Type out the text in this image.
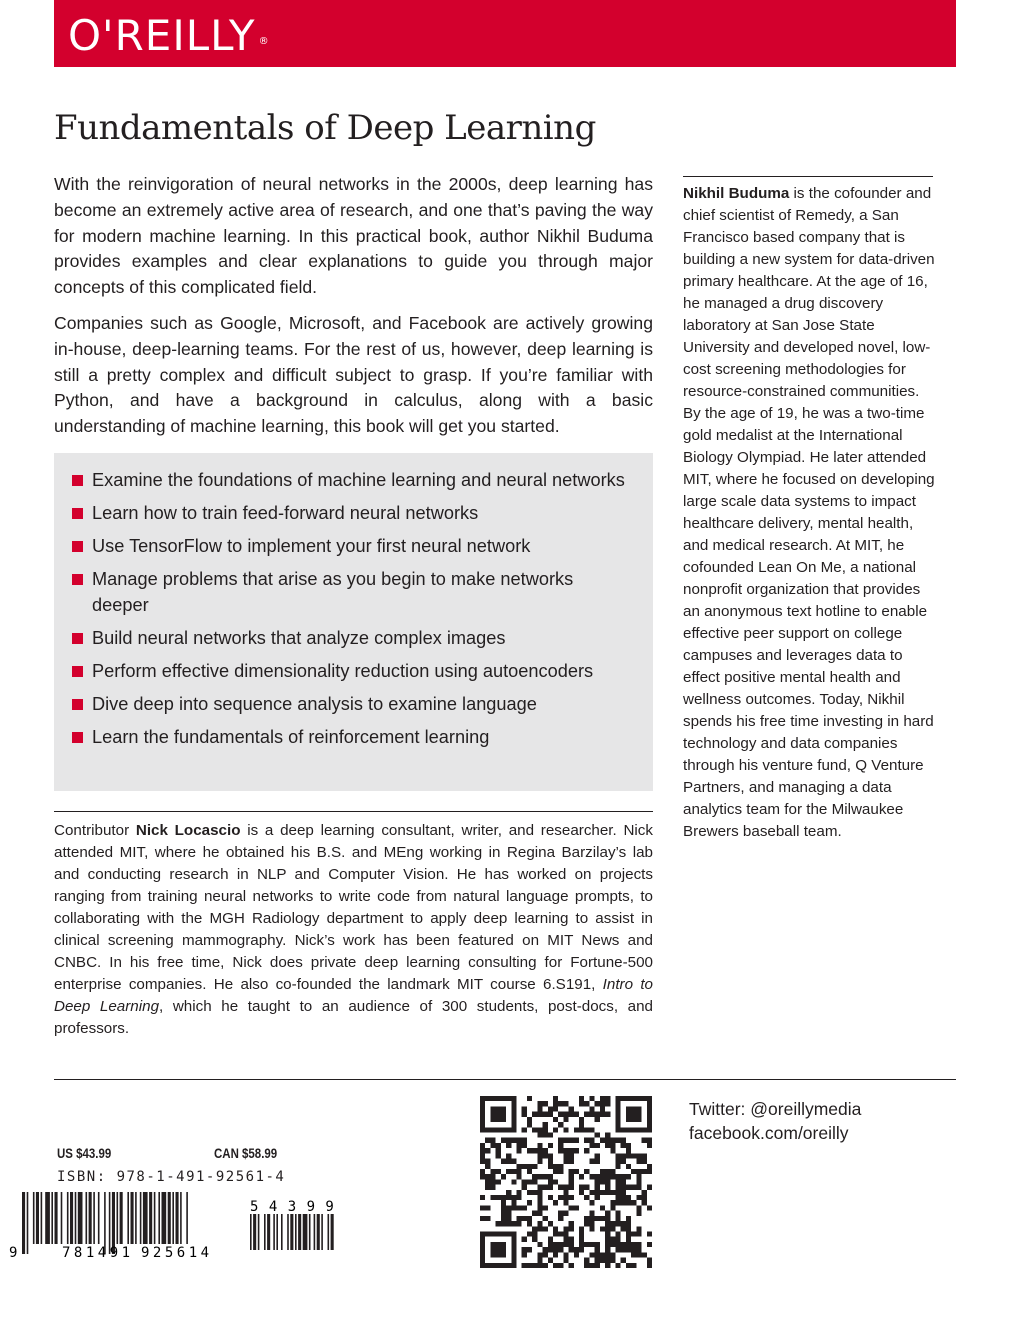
O'REILLY ®
Fundamentals of Deep Learning

With the reinvigoration of neural networks in the 2000s, deep learning has become an extremely active area of research, and one that’s paving the way for modern machine learning. In this practical book, author Nikhil Buduma provides examples and clear explanations to guide you through major concepts of this complicated field.

Companies such as Google, Microsoft, and Facebook are actively growing in-house, deep-learning teams. For the rest of us, however, deep learning is still a pretty complex and difficult subject to grasp. If you’re familiar with Python, and have a background in calculus, along with a basic understanding of machine learning, this book will get you started.

Examine the foundations of machine learning and neural networks
Learn how to train feed-forward neural networks
Use TensorFlow to implement your first neural network
Manage problems that arise as you begin to make networks deeper
Build neural networks that analyze complex images
Perform effective dimensionality reduction using autoencoders
Dive deep into sequence analysis to examine language
Learn the fundamentals of reinforcement learning
Contributor Nick Locascio is a deep learning consultant, writer, and researcher. Nick attended MIT, where he obtained his B.S. and MEng working in Regina Barzilay’s lab and conducting research in NLP and Computer Vision. He has worked on projects ranging from training neural networks to write code from natural language prompts, to collaborating with the MGH Radiology department to apply deep learning to assist in clinical screening mammography. Nick’s work has been featured on MIT News and CNBC. In his free time, Nick does private deep learning consulting for Fortune-500 enterprise companies. He also co-founded the landmark MIT course 6.S191, Intro to Deep Learning, which he taught to an audience of 300 students, post-docs, and professors.
Nikhil Buduma is the cofounder and chief scientist of Remedy, a San Francisco based company that is building a new system for data-driven primary healthcare. At the age of 16, he managed a drug discovery laboratory at San Jose State University and developed novel, low-cost screening methodologies for resource-constrained communities. By the age of 19, he was a two-time gold medalist at the International Biology Olympiad. He later attended MIT, where he focused on developing large scale data systems to impact healthcare delivery, mental health, and medical research. At MIT, he cofounded Lean On Me, a national nonprofit organization that provides an anonymous text hotline to enable effective peer support on college campuses and leverages data to effect positive mental health and wellness outcomes. Today, Nikhil spends his free time investing in hard technology and data companies through his venture fund, Q Venture Partners, and managing a data analytics team for the Milwaukee Brewers baseball team.
Twitter: @oreillymedia
facebook.com/oreilly
US $43.99	CAN $58.99
ISBN: 978-1-491-92561-4
9	781491 925614
5 4 3 9 9
